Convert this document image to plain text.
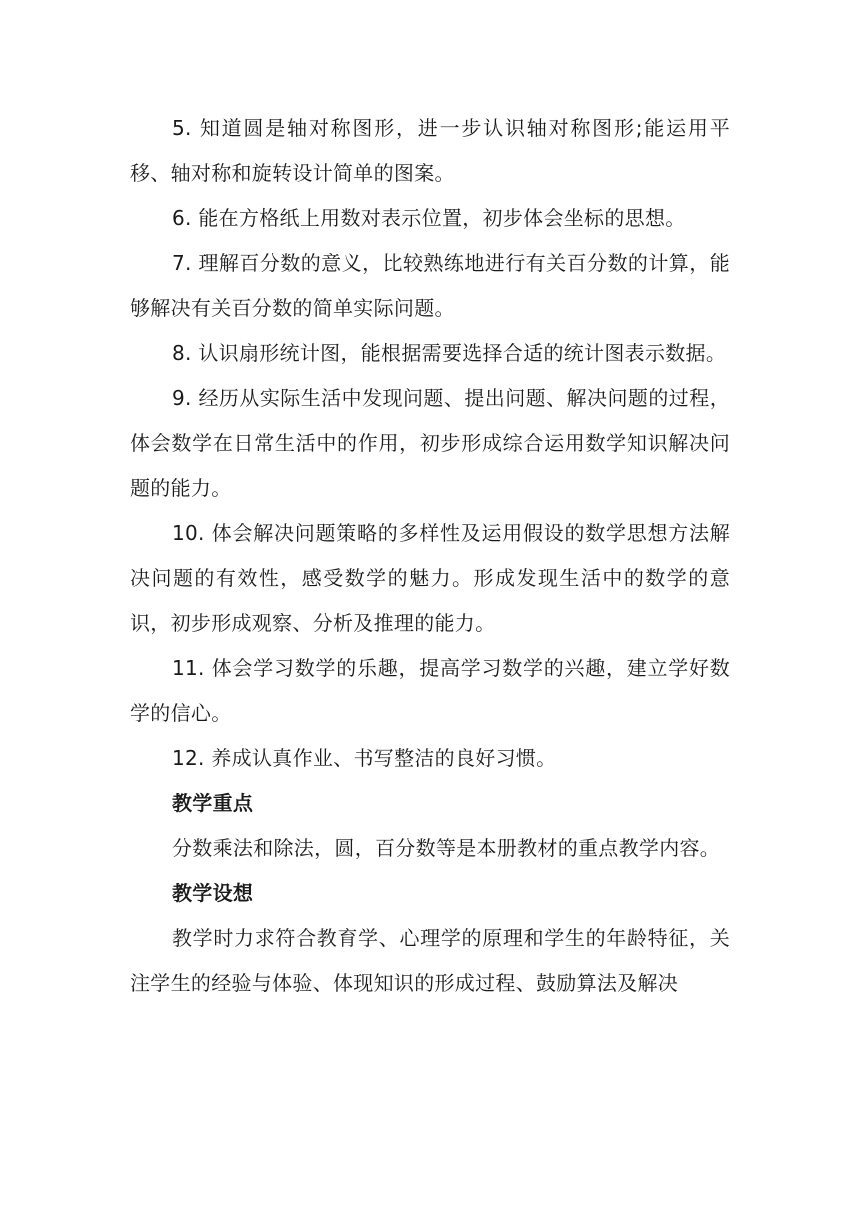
5. 知道圆是轴对称图形，进一步认识轴对称图形;能运用平移、轴对称和旋转设计简单的图案。

6. 能在方格纸上用数对表示位置，初步体会坐标的思想。

7. 理解百分数的意义，比较熟练地进行有关百分数的计算，能够解决有关百分数的简单实际问题。

8. 认识扇形统计图，能根据需要选择合适的统计图表示数据。

9. 经历从实际生活中发现问题、提出问题、解决问题的过程，体会数学在日常生活中的作用，初步形成综合运用数学知识解决问题的能力。

10. 体会解决问题策略的多样性及运用假设的数学思想方法解决问题的有效性，感受数学的魅力。形成发现生活中的数学的意识，初步形成观察、分析及推理的能力。

11. 体会学习数学的乐趣，提高学习数学的兴趣，建立学好数学的信心。

12. 养成认真作业、书写整洁的良好习惯。

教学重点

分数乘法和除法，圆，百分数等是本册教材的重点教学内容。

教学设想

教学时力求符合教育学、心理学的原理和学生的年龄特征，关注学生的经验与体验、体现知识的形成过程、鼓励算法及解决
